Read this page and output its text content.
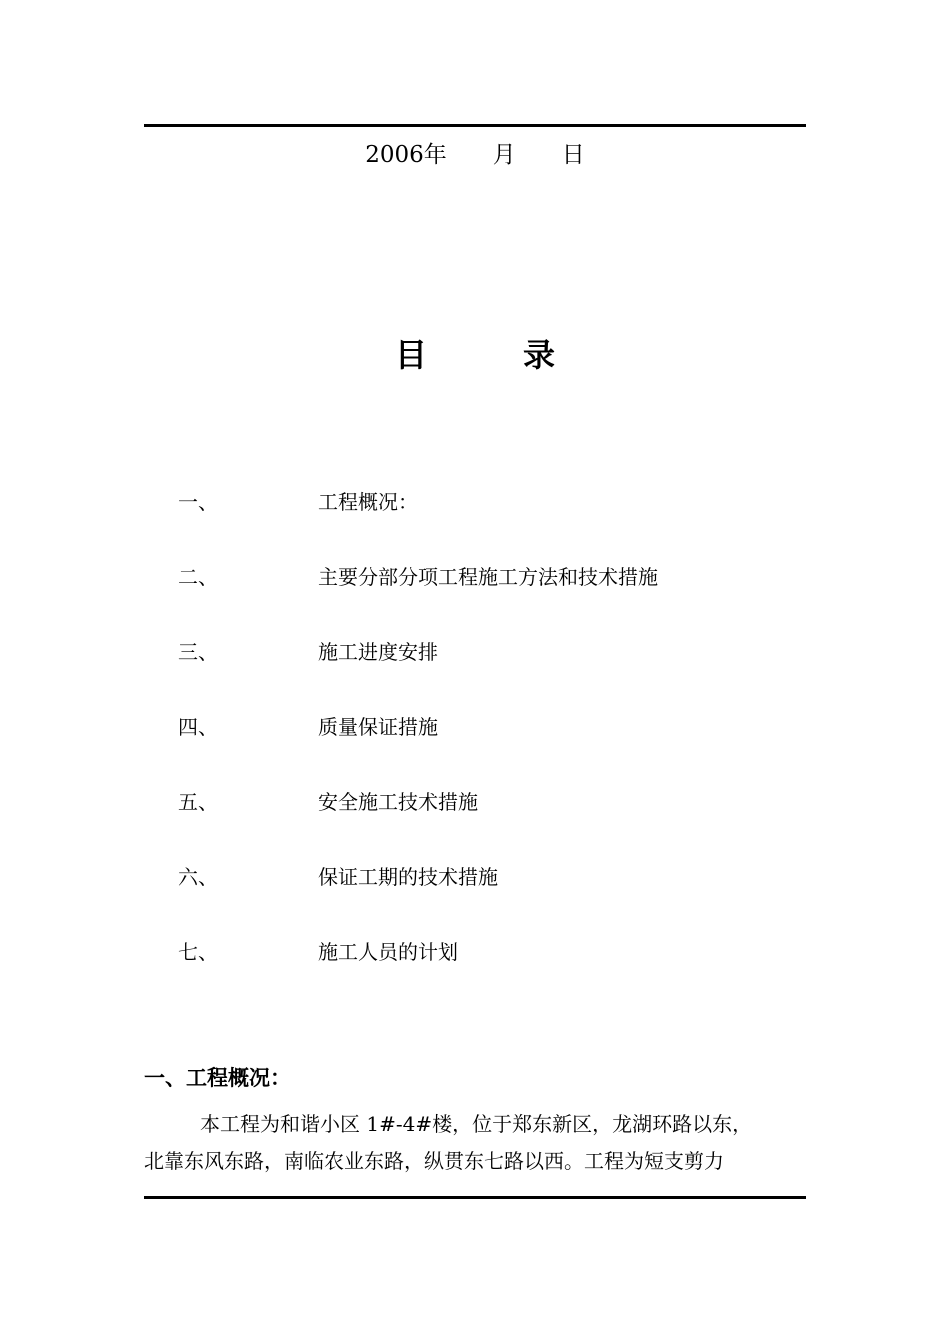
2006年　　月　　日
目　　　录
一、	工程概况：
二、	主要分部分项工程施工方法和技术措施
三、	施工进度安排
四、	质量保证措施
五、	安全施工技术措施
六、	保证工期的技术措施
七、	施工人员的计划
一、工程概况：
本工程为和谐小区 1#-4#楼，位于郑东新区，龙湖环路以东，
北靠东风东路，南临农业东路，纵贯东七路以西。工程为短支剪力
